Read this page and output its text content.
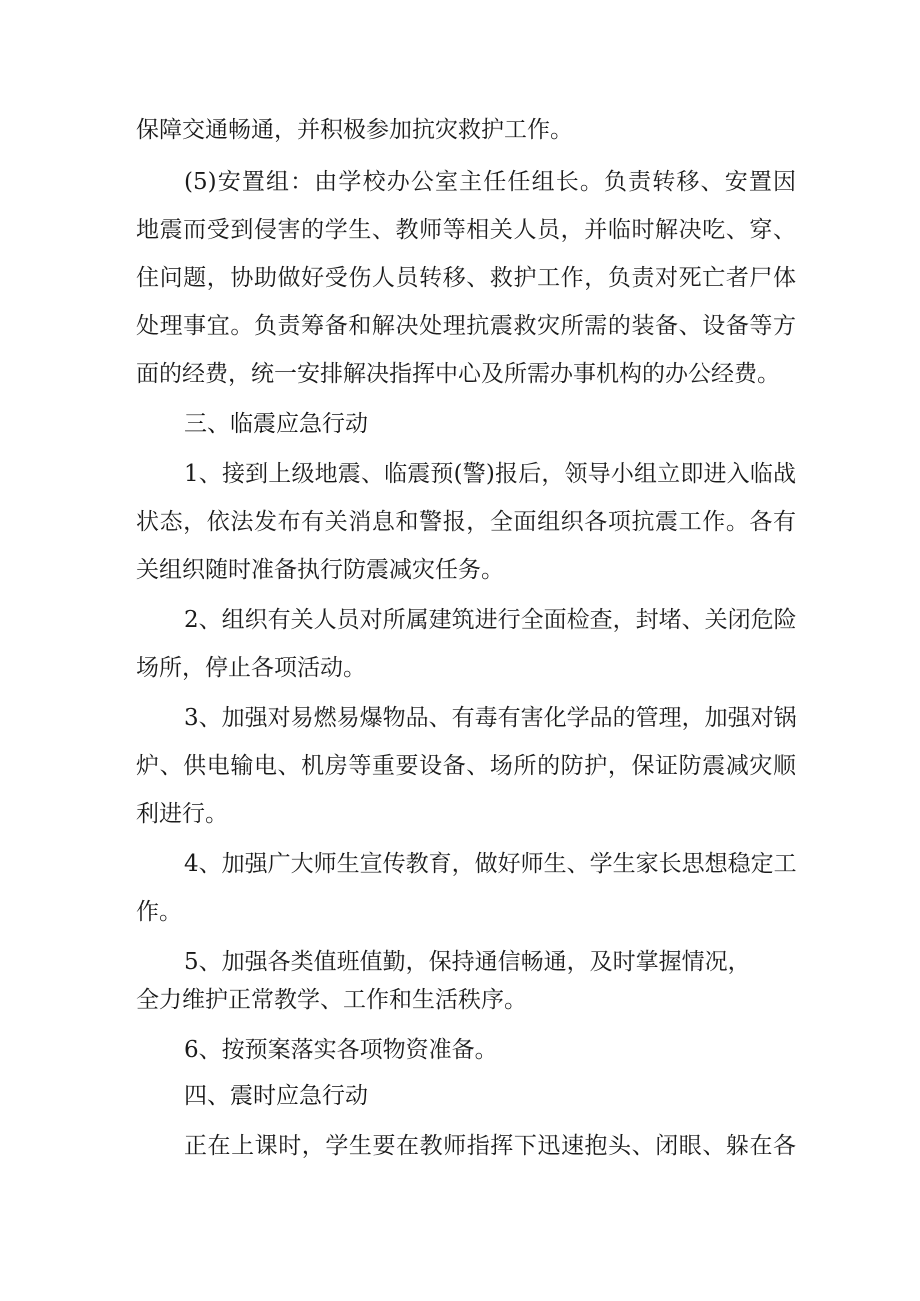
保障交通畅通，并积极参加抗灾救护工作。
(5)安置组：由学校办公室主任任组长。负责转移、安置因
地震而受到侵害的学生、教师等相关人员，并临时解决吃、穿、
住问题，协助做好受伤人员转移、救护工作，负责对死亡者尸体
处理事宜。负责筹备和解决处理抗震救灾所需的装备、设备等方
面的经费，统一安排解决指挥中心及所需办事机构的办公经费。
三、临震应急行动
1、接到上级地震、临震预(警)报后，领导小组立即进入临战
状态，依法发布有关消息和警报，全面组织各项抗震工作。各有
关组织随时准备执行防震减灾任务。
2、组织有关人员对所属建筑进行全面检查，封堵、关闭危险
场所，停止各项活动。
3、加强对易燃易爆物品、有毒有害化学品的管理，加强对锅
炉、供电输电、机房等重要设备、场所的防护，保证防震减灾顺
利进行。
4、加强广大师生宣传教育，做好师生、学生家长思想稳定工
作。
5、加强各类值班值勤，保持通信畅通，及时掌握情况，
全力维护正常教学、工作和生活秩序。
6、按预案落实各项物资准备。
四、震时应急行动
正在上课时，学生要在教师指挥下迅速抱头、闭眼、躲在各
